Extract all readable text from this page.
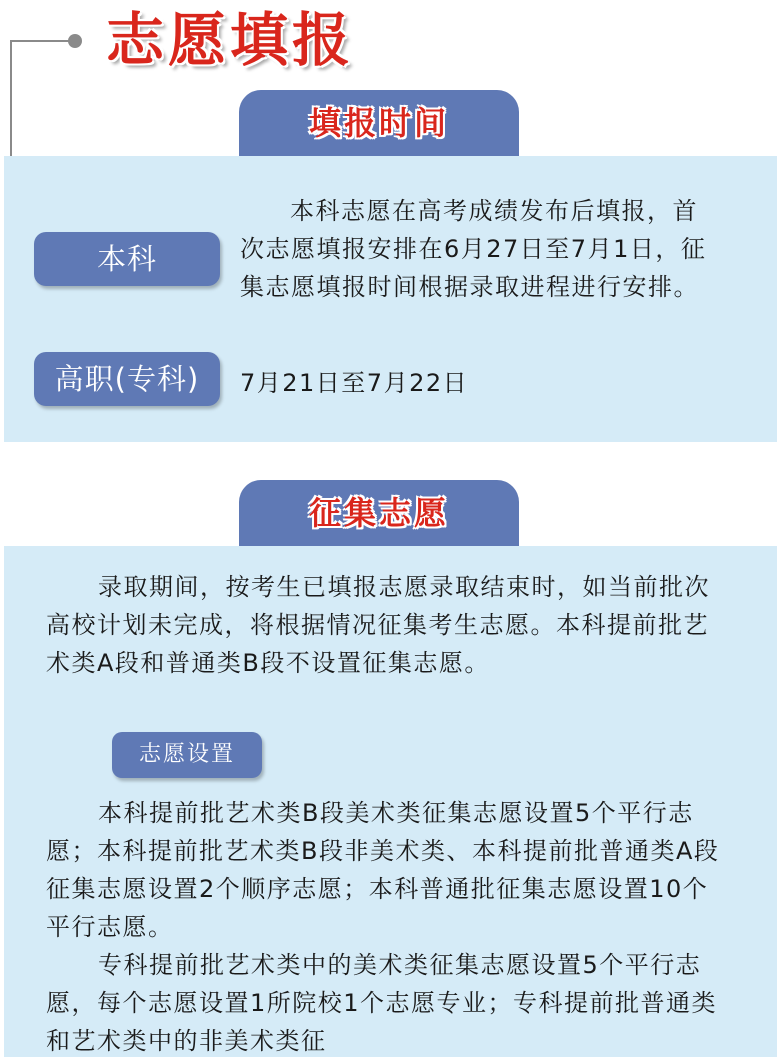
志愿填报
填报时间
本科
本科志愿在高考成绩发布后填报，首次志愿填报安排在6月27日至7月1日，征集志愿填报时间根据录取进程进行安排。
高职(专科)	7月21日至7月22日
征集志愿
录取期间，按考生已填报志愿录取结束时，如当前批次高校计划未完成，将根据情况征集考生志愿。本科提前批艺术类A段和普通类B段不设置征集志愿。
志愿设置
本科提前批艺术类B段美术类征集志愿设置5个平行志愿；本科提前批艺术类B段非美术类、本科提前批普通类A段征集志愿设置2个顺序志愿；本科普通批征集志愿设置10个平行志愿。
专科提前批艺术类中的美术类征集志愿设置5个平行志愿，每个志愿设置1所院校1个志愿专业；专科提前批普通类和艺术类中的非美术类征
